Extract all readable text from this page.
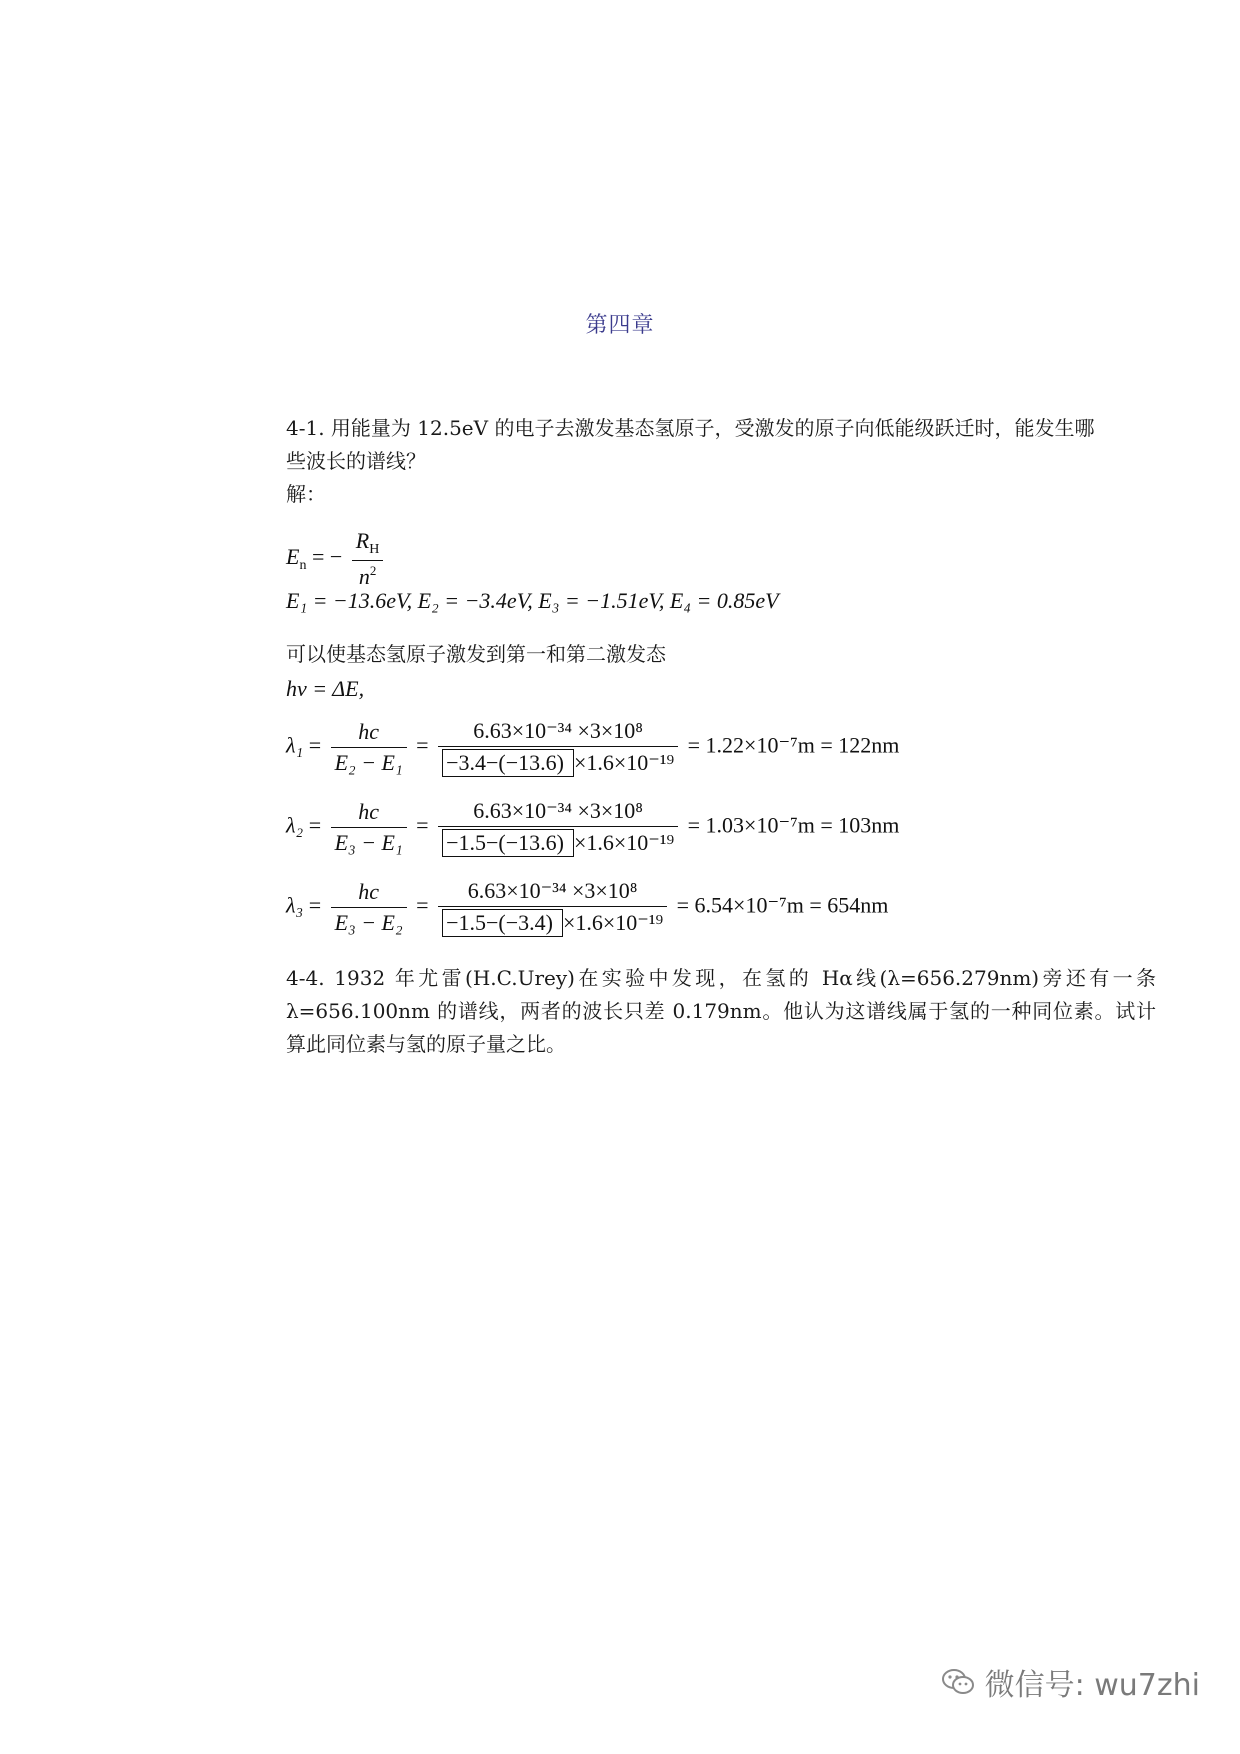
第四章
4-1. 用能量为 12.5eV 的电子去激发基态氢原子，受激发的原子向低能级跃迁时，能发生哪
些波长的谱线？
解：
$E_n$ = − $\frac{R_H}{n^2}$
E₁ = −13.6eV, E₂ = −3.4eV, E₃ = −1.51eV, E₄ = 0.85eV
可以使基态氢原子激发到第一和第二激发态
hν = ΔE,
$\lambda_1 = \frac{hc}{\text{E₂ − E₁}} = \frac{\text{6.63×10⁻³⁴ ×3×10⁸}}{\text{−3.4−(−13.6) ×1.6×10⁻¹⁹}} = 1.22\times 10^{-7}m = 122nm$
$\lambda_2 = \frac{hc}{\text{E₃ − E₁}} = \frac{\text{6.63×10⁻³⁴ ×3×10⁸}}{\text{−1.5−(−13.6) ×1.6×10⁻¹⁹}} = 1.03\times 10^{-7}m = 103nm$
$\lambda_3 = \frac{hc}{\text{E₃ − E₂}} = \frac{\text{6.63×10⁻³⁴ ×3×10⁸}}{\text{−1.5−(−3.4) ×1.6×10⁻¹⁹}} = 6.54\times 10^{-7}m = 654nm$
4-4. 1932 年尤雷(H.C.Urey)在实验中发现，在氢的 Hα线(λ=656.279nm)旁还有一条
λ=656.100nm 的谱线，两者的波长只差 0.179nm。他认为这谱线属于氢的一种同位素。试计
算此同位素与氢的原子量之比。
微信号: wu7zhi
